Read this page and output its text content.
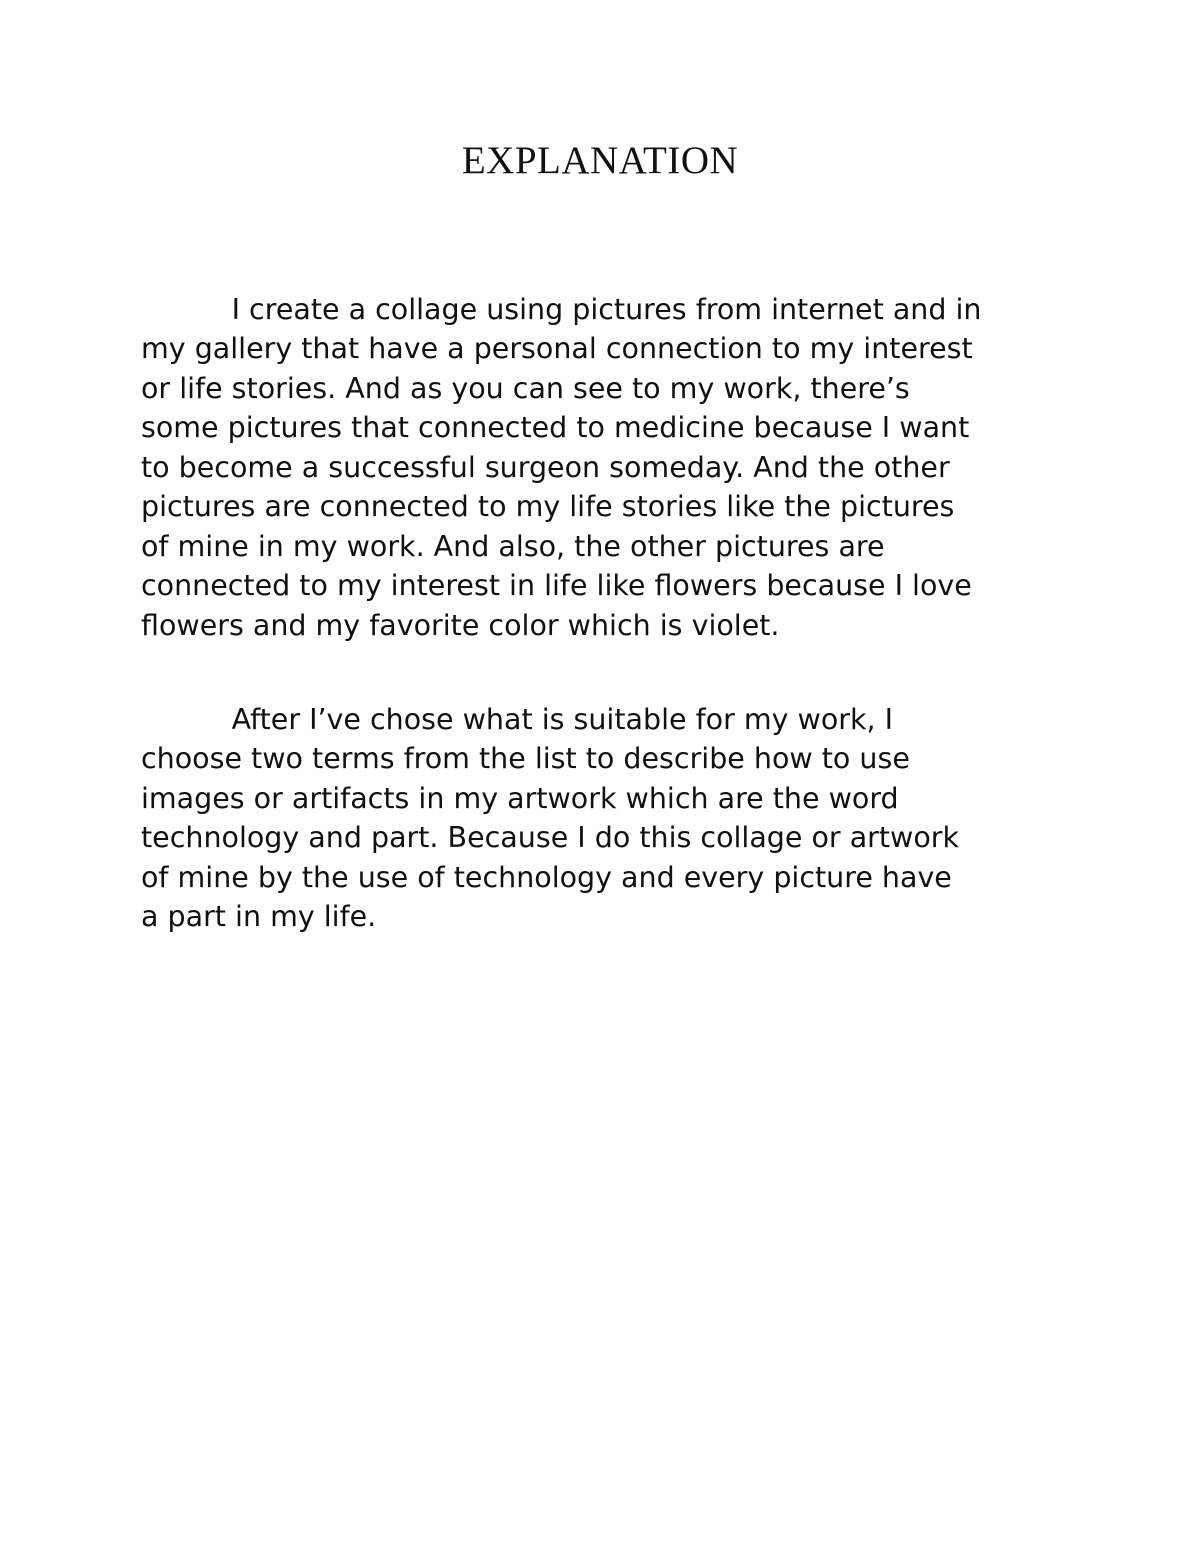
EXPLANATION

I create a collage using pictures from internet and in
my gallery that have a personal connection to my interest
or life stories. And as you can see to my work, there’s
some pictures that connected to medicine because I want
to become a successful surgeon someday. And the other
pictures are connected to my life stories like the pictures
of mine in my work. And also, the other pictures are
connected to my interest in life like flowers because I love
flowers and my favorite color which is violet.

After I’ve chose what is suitable for my work, I
choose two terms from the list to describe how to use
images or artifacts in my artwork which are the word
technology and part. Because I do this collage or artwork
of mine by the use of technology and every picture have
a part in my life.
